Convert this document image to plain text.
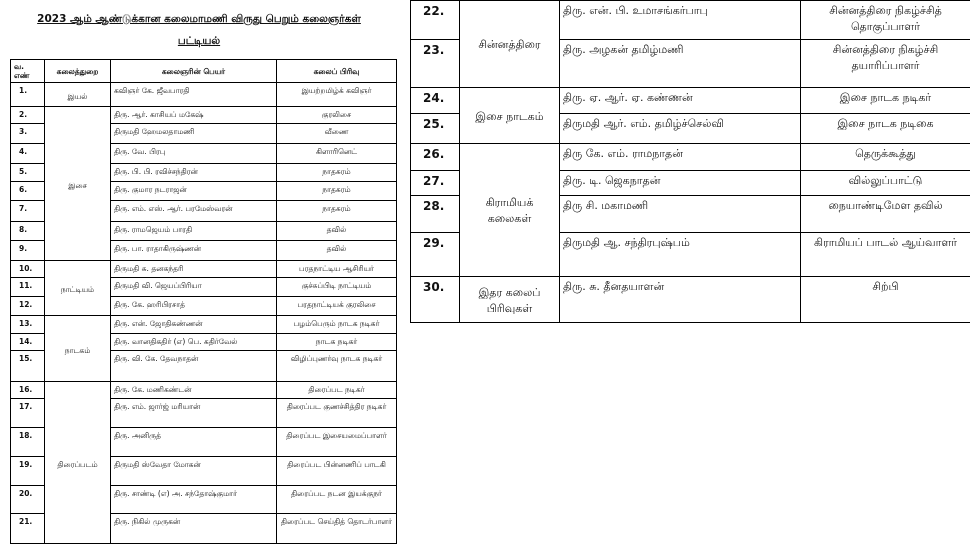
2023 ஆம் ஆண்டுக்கான கலைமாமணி விருது பெறும் கலைஞர்கள்
பட்டியல்
வ. எண்	கலைத்துறை	கலைஞரின் பெயர்	கலைப் பிரிவு
1.	இயல்	கவிஞர் கே. ஜீவபாரதி	இயற்றமிழ்க் கவிஞர்
2.	இசை	திரு. ஆர். காசியப் மகேஷ்	குரலிசை
3.		திருமதி ஹேமலதாமணி	வீணை
4.		திரு. வே. பிரபு	கிளாரினெட்
5.		திரு. பி. பி. ரவிச்சந்திரன்	நாதசுரம்
6.		திரு. குமார நடராஜன்	நாதசுரம்
7.		திரு. எம். எஸ். ஆர். பரமேஸ்வரன்	நாதசுரம்
8.		திரு. ராமஜெயம் பாரதி	தவில்
9.		திரு. பா. ராதாகிருஷ்ணன்	தவில்
10.	நாட்டியம்	திருமதி சு. தனகந்தரி	பரதநாட்டிய ஆசிரியர்
11.		திருமதி வி. ஜெயப்பிரியா	குச்சுப்பிடி நாட்டியம்
12.		திரு. கே. ஹரிபிரசாத்	பரதநாட்டியக் குரலிசை
13.	நாடகம்	திரு. என். ஜோதிகண்ணன்	பழம்பெரும் நாடக நடிகர்
14.		திரு. வானதிகதிர் (எ) பெ. கதிர்வேல்	நாடக நடிகர்
15.		திரு. வி. கே. தேவநாதன்	விழிப்புணர்வு நாடக நடிகர்
16.	திரைப்படம்	திரு. கே. மணிகண்டன்	திரைப்பட நடிகர்
17.		திரு. எம். ஜார்ஜ் மரியான்	திரைப்பட குணச்சித்திர நடிகர்
18.		திரு. அனிருத்	திரைப்பட இசையமைப்பாளர்
19.		திருமதி ஸ்வேதா மோகன்	திரைப்பட பின்னணிப் பாடகி
20.		திரு. சாண்டி (எ) அ. சந்தோஷ்குமார்	திரைப்பட நடன இயக்குநர்
21.		திரு. நிகில் முருகன்	திரைப்பட செய்தித் தொடர்பாளர்
22.	சின்னத்திரை	திரு. என். பி. உமாசங்கர்பாபு	சின்னத்திரை நிகழ்ச்சித் தொகுப்பாளர்
23.		திரு. அழகன் தமிழ்மணி	சின்னத்திரை நிகழ்ச்சி தயாரிப்பாளர்
24.	இசை நாடகம்	திரு. ஏ. ஆர். ஏ. கண்ணன்	இசை நாடக நடிகர்
25.		திருமதி ஆர். எம். தமிழ்ச்செல்வி	இசை நாடக நடிகை
26.	கிராமியக் கலைகள்	திரு கே. எம். ராமநாதன்	தெருக்கூத்து
27.		திரு. டி. ஜெகநாதன்	வில்லுப்பாட்டு
28.		திரு சி. மகாமணி	நையாண்டிமேள தவில்
29.		திருமதி ஆ. சந்திரபுஷ்பம்	கிராமியப் பாடல் ஆய்வாளர்
30.	இதர கலைப் பிரிவுகள்	திரு. சு. தீனதயாளன்	சிற்பி
